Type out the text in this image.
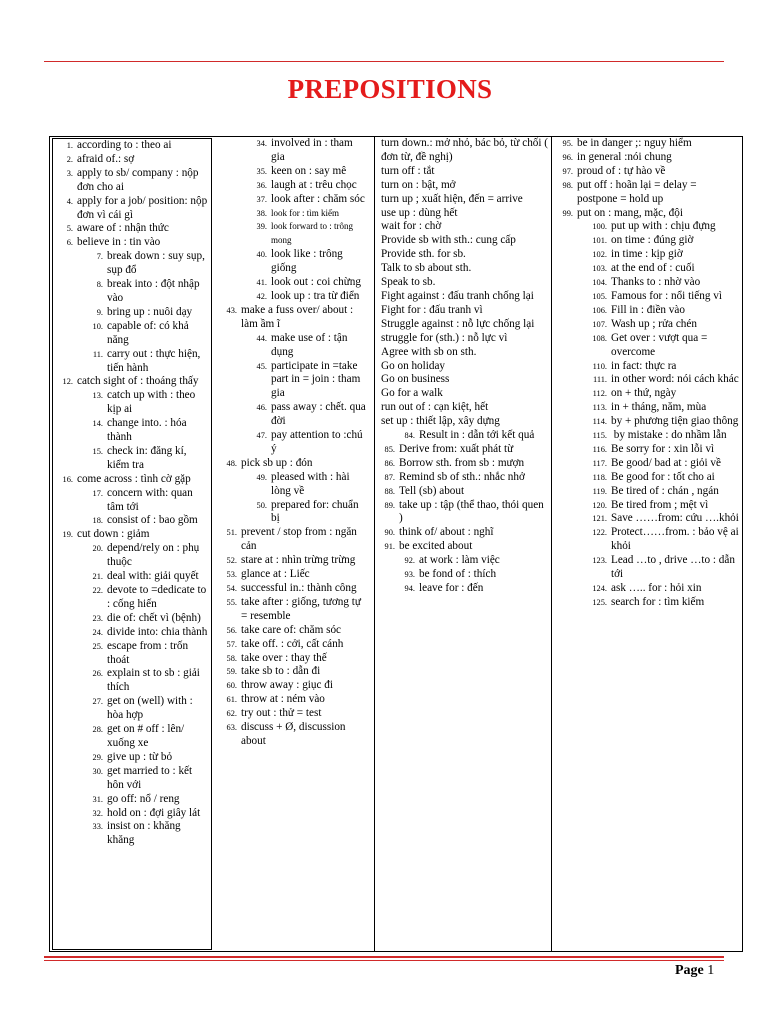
PREPOSITIONS
1. according to : theo ai
2. afraid of.: sợ
3. apply to sb/ company : nộp đơn cho ai
4. apply for a job/ position: nộp đơn vì cái gì
5. aware of : nhận thức
6. believe in : tin vào
7. break down : suy sụp, sụp đổ
8. break into : đột nhập vào
9. bring up : nuôi dạy
10. capable of: có khả năng
11. carry out : thực hiện, tiến hành
12. catch sight of : thoáng thấy
13. catch up with : theo kịp ai
14. change into. : hóa thành
15. check in: đăng kí, kiểm tra
16. come across : tình cờ gặp
17. concern with: quan tâm tới
18. consist of : bao gồm
19. cut down : giảm
20. depend/rely on : phụ thuộc
21. deal with: giải quyết
22. devote to =dedicate to : cống hiến
23. die of: chết vì (bệnh)
24. divide into: chia thành
25. escape from : trốn thoát
26. explain st to sb : giải thích
27. get on (well) with : hòa hợp
28. get on # off : lên/ xuống xe
29. give up : từ bỏ
30. get married to : kết hôn với
31. go off: nổ / reng
32. hold on : đợi giây lát
33. insist on : khăng khăng
34. involved in : tham gia
35. keen on : say mê
36. laugh at : trêu chọc
37. look after : chăm sóc
38. look for : tìm kiếm
39. look forward to : trông mong
40. look like : trông giống
41. look out : coi chừng
42. look up : tra từ điển
43. make a fuss over/ about : làm ầm ĩ
44. make use of : tận dụng
45. participate in =take part in = join : tham gia
46. pass away : chết. qua đời
47. pay attention to :chú ý
48. pick sb up : đón
49. pleased with : hài lòng về
50. prepared for: chuẩn bị
51. prevent / stop from : ngăn cản
52. stare at : nhìn trừng trừng
53. glance at : Liếc
54. successful in.: thành công
55. take after : giống, tương tự = resemble
56. take care of: chăm sóc
57. take off. : cởi, cất cánh
58. take over : thay thế
59. take sb to : dẫn đi
60. throw away : giục đi
61. throw at : ném vào
62. try out : thử = test
63. discuss + Ø, discussion about
turn down.: mở nhỏ, bác bỏ, từ chối ( đơn từ, đề nghị)
turn off : tắt
turn on : bật, mở
turn up ; xuất hiện, đến = arrive
use up : dùng hết
wait for : chờ
Provide sb with sth.: cung cấp
Provide sth. for sb.
Talk to sb about sth.
Speak to sb.
Fight against : đấu tranh chống lại
Fight for : đấu tranh vì
Struggle against : nỗ lực chống lại
struggle for (sth.) : nỗ lực vì
Agree with sb on sth.
Go on holiday
Go on business
Go for a walk
run out of : cạn kiệt, hết
set up : thiết lập, xây dựng
84. Result in : dẫn tới kết quả
85. Derive from: xuất phát từ
86. Borrow sth. from sb : mượn
87. Remind sb of sth.: nhắc nhở
88. Tell (sb) about
89. take up : tập (thể thao, thói quen )
90. think of/ about : nghĩ
91. be excited about
92. at work : làm việc
93. be fond of : thích
94. leave for : đến
95. be in danger ;: nguy hiểm
96. in general :nói chung
97. proud of : tự hào về
98. put off : hoãn lại = delay = postpone = hold up
99. put on : mang, mặc, đội
100. put up with : chịu đựng
101. on time : đúng giờ
102. in time : kịp giờ
103. at the end of : cuối
104. Thanks to : nhờ vào
105. Famous for : nổi tiếng vì
106. Fill in : điền vào
107. Wash up ; rửa chén
108. Get over : vượt qua = overcome
110. in fact: thực ra
111. in other word: nói cách khác
112. on + thứ, ngày
113. in + tháng, năm, mùa
114. by + phương tiện giao thông
115. by mistake : do nhầm lẫn
116. Be sorry for : xin lỗi vì
117. Be good/ bad at : giỏi về
118. Be good for : tốt cho ai
119. Be tired of : chán , ngán
120. Be tired from ; mệt vì
121. Save ……from: cứu ….khỏi
122. Protect……from. : bảo vệ ai khỏi
123. Lead …to , drive …to : dẫn tới
124. ask ….. for : hỏi xin
125. search for : tìm kiếm
Page 1
